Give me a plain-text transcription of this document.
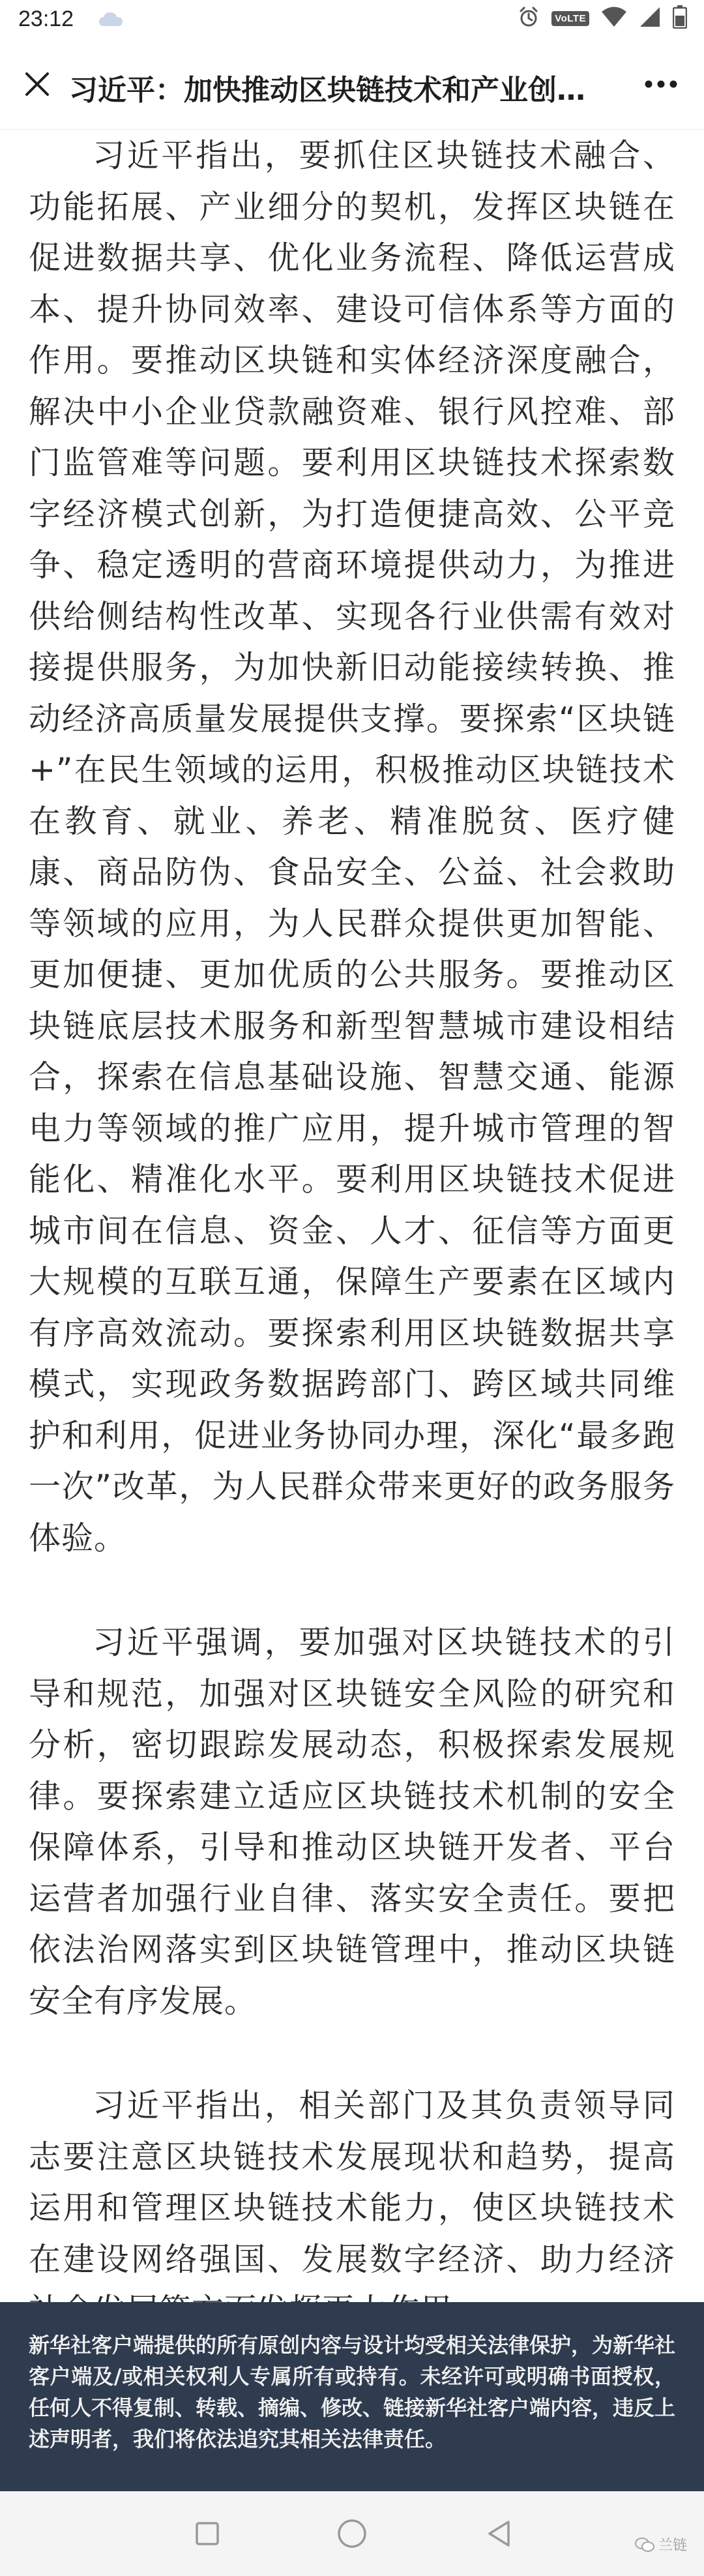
23:12	VoLTE
习近平：加快推动区块链技术和产业创…

习近平指出，要抓住区块链技术融合、功能拓展、产业细分的契机，发挥区块链在促进数据共享、优化业务流程、降低运营成本、提升协同效率、建设可信体系等方面的作用。要推动区块链和实体经济深度融合，解决中小企业贷款融资难、银行风控难、部门监管难等问题。要利用区块链技术探索数字经济模式创新，为打造便捷高效、公平竞争、稳定透明的营商环境提供动力，为推进供给侧结构性改革、实现各行业供需有效对接提供服务，为加快新旧动能接续转换、推动经济高质量发展提供支撑。要探索“区块链+”在民生领域的运用，积极推动区块链技术在教育、就业、养老、精准脱贫、医疗健康、商品防伪、食品安全、公益、社会救助等领域的应用，为人民群众提供更加智能、更加便捷、更加优质的公共服务。要推动区块链底层技术服务和新型智慧城市建设相结合，探索在信息基础设施、智慧交通、能源电力等领域的推广应用，提升城市管理的智能化、精准化水平。要利用区块链技术促进城市间在信息、资金、人才、征信等方面更大规模的互联互通，保障生产要素在区域内有序高效流动。要探索利用区块链数据共享模式，实现政务数据跨部门、跨区域共同维护和利用，促进业务协同办理，深化“最多跑一次”改革，为人民群众带来更好的政务服务体验。

习近平强调，要加强对区块链技术的引导和规范，加强对区块链安全风险的研究和分析，密切跟踪发展动态，积极探索发展规律。要探索建立适应区块链技术机制的安全保障体系，引导和推动区块链开发者、平台运营者加强行业自律、落实安全责任。要把依法治网落实到区块链管理中，推动区块链安全有序发展。

习近平指出，相关部门及其负责领导同志要注意区块链技术发展现状和趋势，提高运用和管理区块链技术能力，使区块链技术在建设网络强国、发展数字经济、助力经济

新华社客户端提供的所有原创内容与设计均受相关法律保护，为新华社客户端及/或相关权利人专属所有或持有。未经许可或明确书面授权，任何人不得复制、转载、摘编、修改、链接新华社客户端内容，违反上述声明者，我们将依法追究其相关法律责任。

兰链
